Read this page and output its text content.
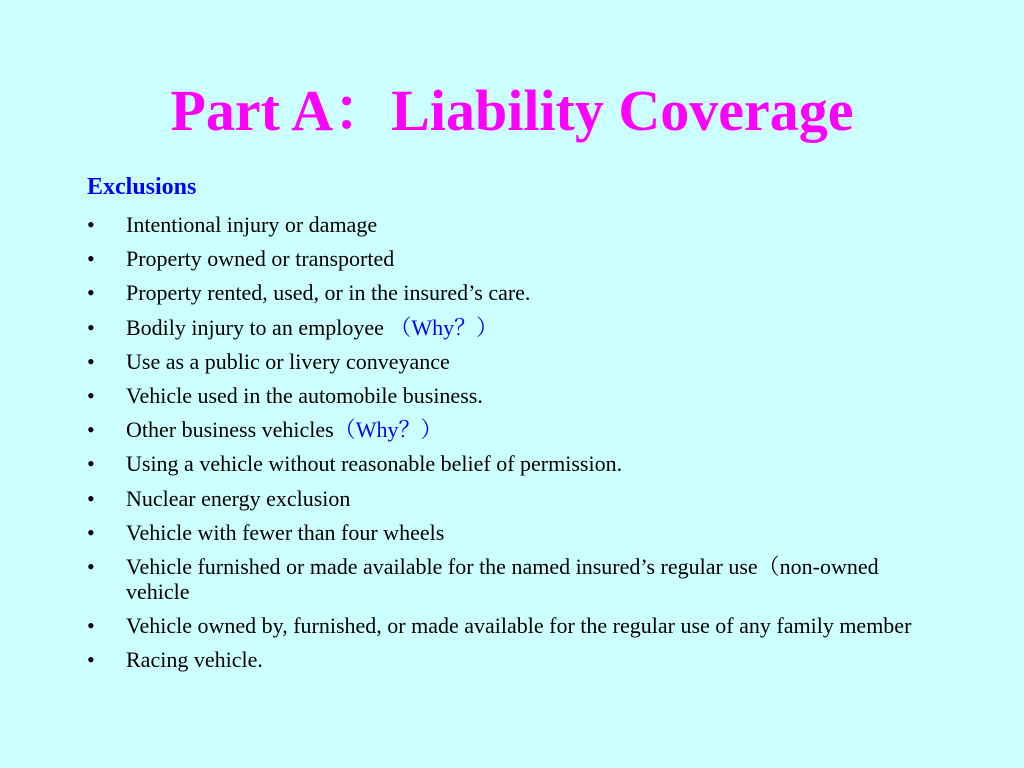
Part A：Liability Coverage
Exclusions
• Intentional injury or damage
• Property owned or transported
• Property rented, used, or in the insured’s care.
• Bodily injury to an employee （Why？）
• Use as a public or livery conveyance
• Vehicle used in the automobile business.
• Other business vehicles（Why？）
• Using a vehicle without reasonable belief of permission.
• Nuclear energy exclusion
• Vehicle with fewer than four wheels
• Vehicle furnished or made available for the named insured’s regular use（non-owned vehicle
• Vehicle owned by, furnished, or made available for the regular use of any family member
• Racing vehicle.
